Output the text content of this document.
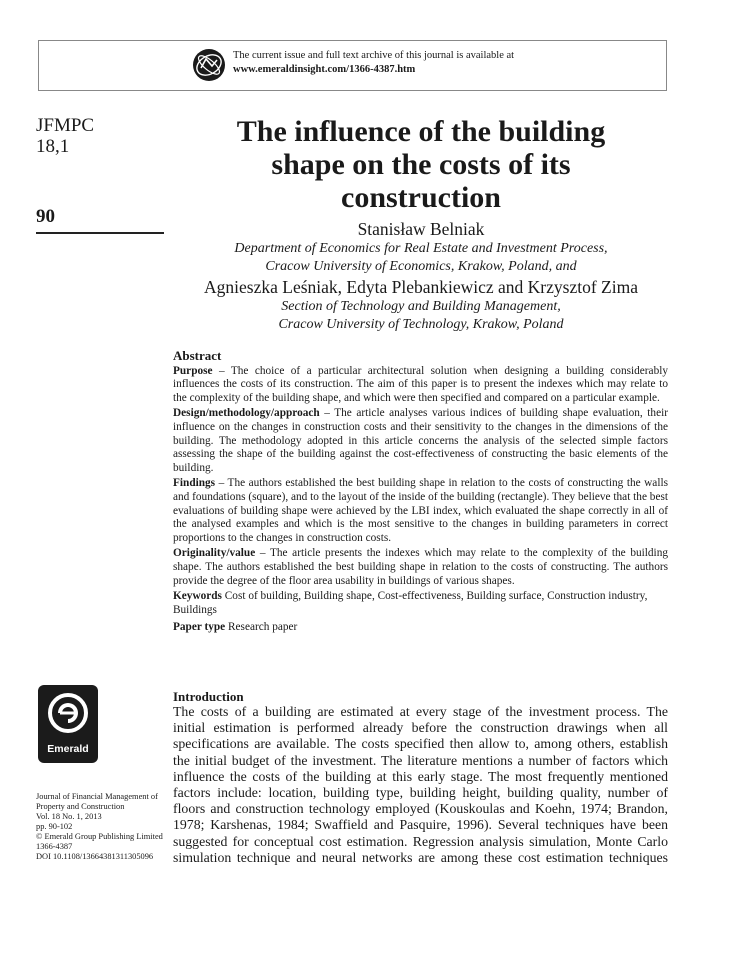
The current issue and full text archive of this journal is available at
www.emeraldinsight.com/1366-4387.htm
JFMPC
18,1
90
The influence of the building
shape on the costs of its
construction
Stanisław Belniak
Department of Economics for Real Estate and Investment Process,
Cracow University of Economics, Krakow, Poland, and
Agnieszka Leśniak, Edyta Plebankiewicz and Krzysztof Zima
Section of Technology and Building Management,
Cracow University of Technology, Krakow, Poland
Abstract

Purpose – The choice of a particular architectural solution when designing a building considerably influences the costs of its construction. The aim of this paper is to present the indexes which may relate to the complexity of the building shape, and which were then specified and compared on a particular example.

Design/methodology/approach – The article analyses various indices of building shape evaluation, their influence on the changes in construction costs and their sensitivity to the changes in the dimensions of the building. The methodology adopted in this article concerns the analysis of the selected simple factors assessing the shape of the building against the cost-effectiveness of constructing the basic elements of the building.

Findings – The authors established the best building shape in relation to the costs of constructing the walls and foundations (square), and to the layout of the inside of the building (rectangle). They believe that the best evaluations of building shape were achieved by the LBI index, which evaluated the shape correctly in all of the analysed examples and which is the most sensitive to the changes in building parameters in correct proportions to the changes in construction costs.

Originality/value – The article presents the indexes which may relate to the complexity of the building shape. The authors established the best building shape in relation to the costs of constructing. The authors provide the degree of the floor area usability in buildings of various shapes.

Keywords Cost of building, Building shape, Cost-effectiveness, Building surface, Construction industry, Buildings

Paper type Research paper

Emerald
Journal of Financial Management of
Property and Construction
Vol. 18 No. 1, 2013
pp. 90-102
© Emerald Group Publishing Limited
1366-4387
DOI 10.1108/13664381311305096
Introduction
The costs of a building are estimated at every stage of the investment process. The
initial estimation is performed already before the construction drawings when all
specifications are available. The costs specified then allow to, among others, establish
the initial budget of the investment. The literature mentions a number of factors which
influence the costs of the building at this early stage. The most frequently mentioned
factors include: location, building type, building height, building quality, number of
floors and construction technology employed (Kouskoulas and Koehn, 1974; Brandon,
1978; Karshenas, 1984; Swaffield and Pasquire, 1996). Several techniques have been
suggested for conceptual cost estimation. Regression analysis simulation, Monte Carlo
simulation technique and neural networks are among these cost estimation techniques
